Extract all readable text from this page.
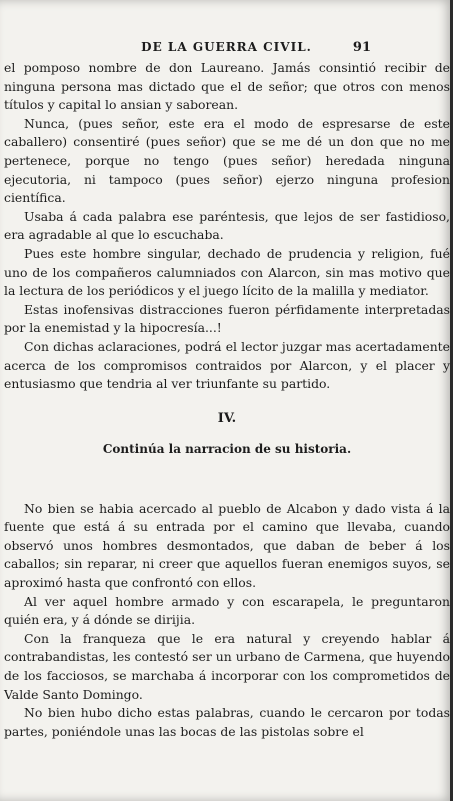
DE LA GUERRA CIVIL.	91

el pomposo nombre de don Laureano. Jamás consintió recibir de ninguna persona mas dictado que el de señor; que otros con menos títulos y capital lo ansian y saborean.

Nunca, (pues señor, este era el modo de espresarse de este caballero) consentiré (pues señor) que se me dé un don que no me pertenece, porque no tengo (pues señor) heredada ninguna ejecutoria, ni tampoco (pues señor) ejerzo ninguna profesion científica.

Usaba á cada palabra ese paréntesis, que lejos de ser fastidioso, era agradable al que lo escuchaba.

Pues este hombre singular, dechado de prudencia y religion, fué uno de los compañeros calumniados con Alarcon, sin mas motivo que la lectura de los periódicos y el juego lícito de la malilla y mediator.

Estas inofensivas distracciones fueron pérfidamente interpretadas por la enemistad y la hipocresía...!

Con dichas aclaraciones, podrá el lector juzgar mas acertadamente acerca de los compromisos contraidos por Alarcon, y el placer y entusiasmo que tendria al ver triunfante su partido.

IV.
Continúa la narracion de su historia.

No bien se habia acercado al pueblo de Alcabon y dado vista á la fuente que está á su entrada por el camino que llevaba, cuando observó unos hombres desmontados, que daban de beber á los caballos; sin reparar, ni creer que aquellos fueran enemigos suyos, se aproximó hasta que confrontó con ellos.

Al ver aquel hombre armado y con escarapela, le preguntaron quién era, y á dónde se dirijia.

Con la franqueza que le era natural y creyendo hablar á contrabandistas, les contestó ser un urbano de Carmena, que huyendo de los facciosos, se marchaba á incorporar con los comprometidos de Valde Santo Domingo.

No bien hubo dicho estas palabras, cuando le cercaron por todas partes, poniéndole unas las bocas de las pistolas sobre el
